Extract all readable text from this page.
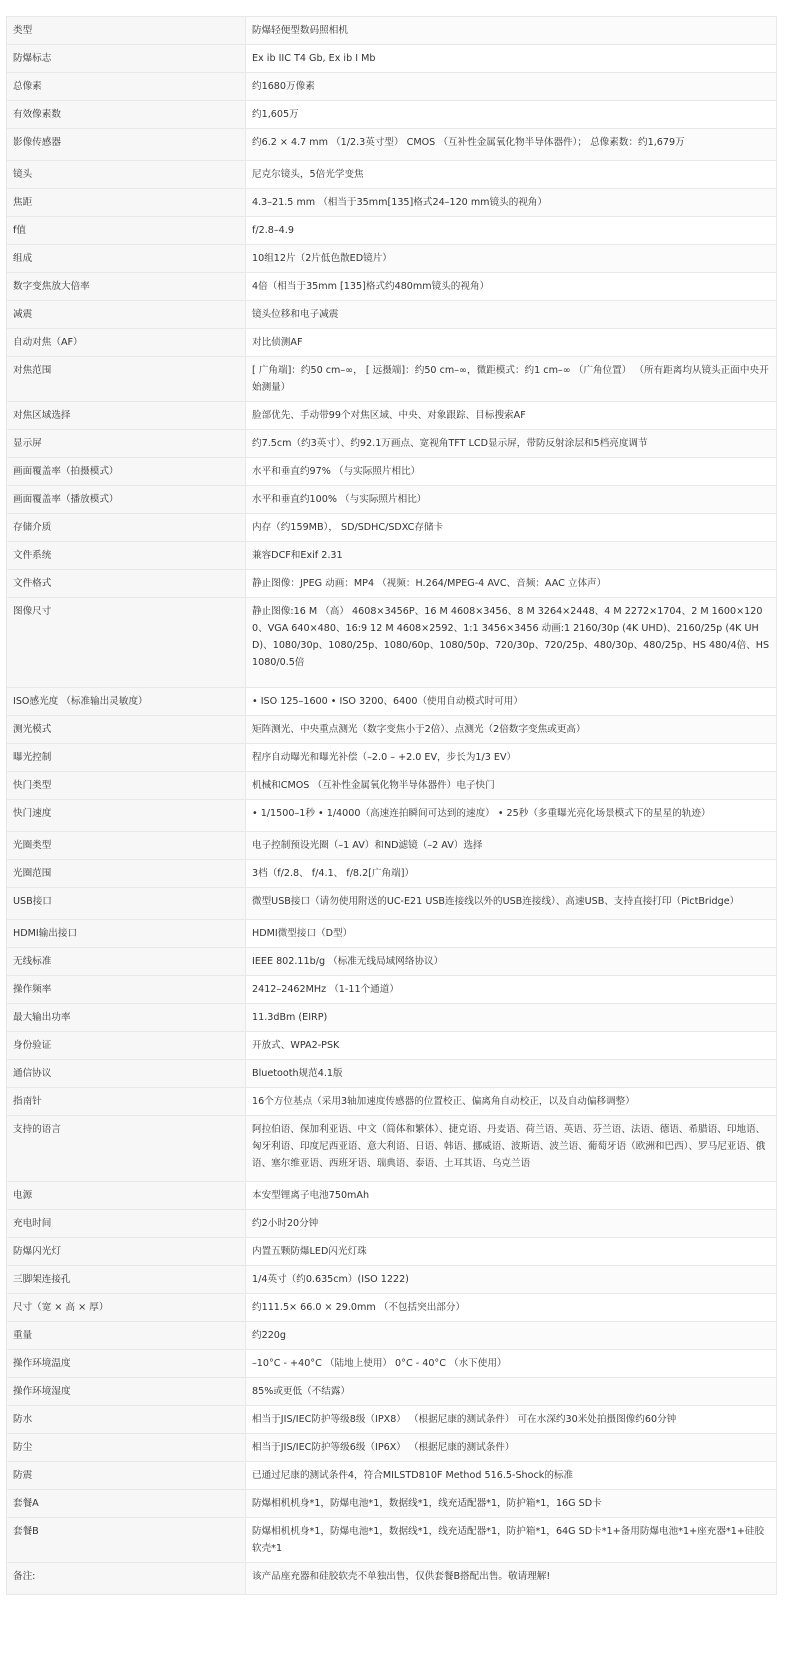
类型	防爆轻便型数码照相机
防爆标志	Ex ib IIC T4 Gb, Ex ib I Mb
总像素	约1680万像素
有效像素数	约1,605万
影像传感器	约6.2 × 4.7 mm （1/2.3英寸型） CMOS （互补性金属氧化物半导体器件）； 总像素数：约1,679万
镜头	尼克尔镜头，5倍光学变焦
焦距	4.3–21.5 mm （相当于35mm[135]格式24–120 mm镜头的视角）
f值	f/2.8–4.9
组成	10组12片（2片低色散ED镜片）
数字变焦放大倍率	4倍（相当于35mm [135]格式约480mm镜头的视角）
减震	镜头位移和电子减震
自动对焦（AF）	对比侦测AF
对焦范围	[ 广角端]：约50 cm–∞， [ 远摄端]：约50 cm–∞，微距模式：约1 cm–∞ （广角位置） （所有距离均从镜头正面中央开始测量）
对焦区域选择	脸部优先、手动带99个对焦区域、中央、对象跟踪、目标搜索AF
显示屏	约7.5cm（约3英寸）、约92.1万画点、宽视角TFT LCD显示屏，带防反射涂层和5档亮度调节
画面覆盖率（拍摄模式）	水平和垂直约97% （与实际照片相比）
画面覆盖率（播放模式）	水平和垂直约100% （与实际照片相比）
存储介质	内存（约159MB）， SD/SDHC/SDXC存储卡
文件系统	兼容DCF和Exif 2.31
文件格式	静止图像：JPEG 动画：MP4 （视频：H.264/MPEG-4 AVC、音频：AAC 立体声）
图像尺寸	静止图像:16 M （高） 4608×3456P、16 M 4608×3456、8 M 3264×2448、4 M 2272×1704、2 M 1600×1200、VGA 640×480、16:9 12 M 4608×2592、1:1 3456×3456 动画:1 2160/30p (4K UHD)、2160/25p (4K UHD)、1080/30p、1080/25p、1080/60p、1080/50p、720/30p、720/25p、480/30p、480/25p、HS 480/4倍、HS 1080/0.5倍
ISO感光度 （标准输出灵敏度）	• ISO 125–1600 • ISO 3200、6400（使用自动模式时可用）
测光模式	矩阵测光、中央重点测光（数字变焦小于2倍）、点测光（2倍数字变焦或更高）
曝光控制	程序自动曝光和曝光补偿（–2.0 – +2.0 EV，步长为1/3 EV）
快门类型	机械和CMOS （互补性金属氧化物半导体器件）电子快门
快门速度	• 1/1500–1秒 • 1/4000（高速连拍瞬间可达到的速度） • 25秒（多重曝光亮化场景模式下的星星的轨迹）
光圈类型	电子控制预设光圈（–1 AV）和ND滤镜（–2 AV）选择
光圈范围	3档（f/2.8、 f/4.1、 f/8.2[广角端]）
USB接口	微型USB接口（请勿使用附送的UC-E21 USB连接线以外的USB连接线）、高速USB、支持直接打印（PictBridge）
HDMI输出接口	HDMI微型接口（D型）
无线标准	IEEE 802.11b/g （标准无线局域网络协议）
操作频率	2412–2462MHz （1-11个通道）
最大输出功率	11.3dBm (EIRP)
身份验证	开放式、WPA2-PSK
通信协议	Bluetooth规范4.1版
指南针	16个方位基点（采用3轴加速度传感器的位置校正、偏离角自动校正，以及自动偏移调整）
支持的语言	阿拉伯语、保加利亚语、中文（简体和繁体）、捷克语、丹麦语、荷兰语、英语、芬兰语、法语、德语、希腊语、印地语、匈牙利语、印度尼西亚语、意大利语、日语、韩语、挪威语、波斯语、波兰语、葡萄牙语（欧洲和巴西）、罗马尼亚语、俄语、塞尔维亚语、西班牙语、瑞典语、泰语、土耳其语、乌克兰语
电源	本安型锂离子电池750mAh
充电时间	约2小时20分钟
防爆闪光灯	内置五颗防爆LED闪光灯珠
三脚架连接孔	1/4英寸（约0.635cm）(ISO 1222)
尺寸（宽 × 高 × 厚）	约111.5× 66.0 × 29.0mm （不包括突出部分）
重量	约220g
操作环境温度	–10°C - +40°C （陆地上使用） 0°C - 40°C （水下使用）
操作环境湿度	85%或更低（不结露）
防水	相当于JIS/IEC防护等级8级（IPX8） （根据尼康的测试条件） 可在水深约30米处拍摄图像约60分钟
防尘	相当于JIS/IEC防护等级6级（IP6X） （根据尼康的测试条件）
防震	已通过尼康的测试条件4，符合MILSTD810F Method 516.5-Shock的标准
套餐A	防爆相机机身*1，防爆电池*1，数据线*1，线充适配器*1，防护箱*1，16G SD卡
套餐B	防爆相机机身*1，防爆电池*1，数据线*1，线充适配器*1，防护箱*1，64G SD卡*1+备用防爆电池*1+座充器*1+硅胶软壳*1
备注:	该产品座充器和硅胶软壳不单独出售，仅供套餐B搭配出售。敬请理解!
